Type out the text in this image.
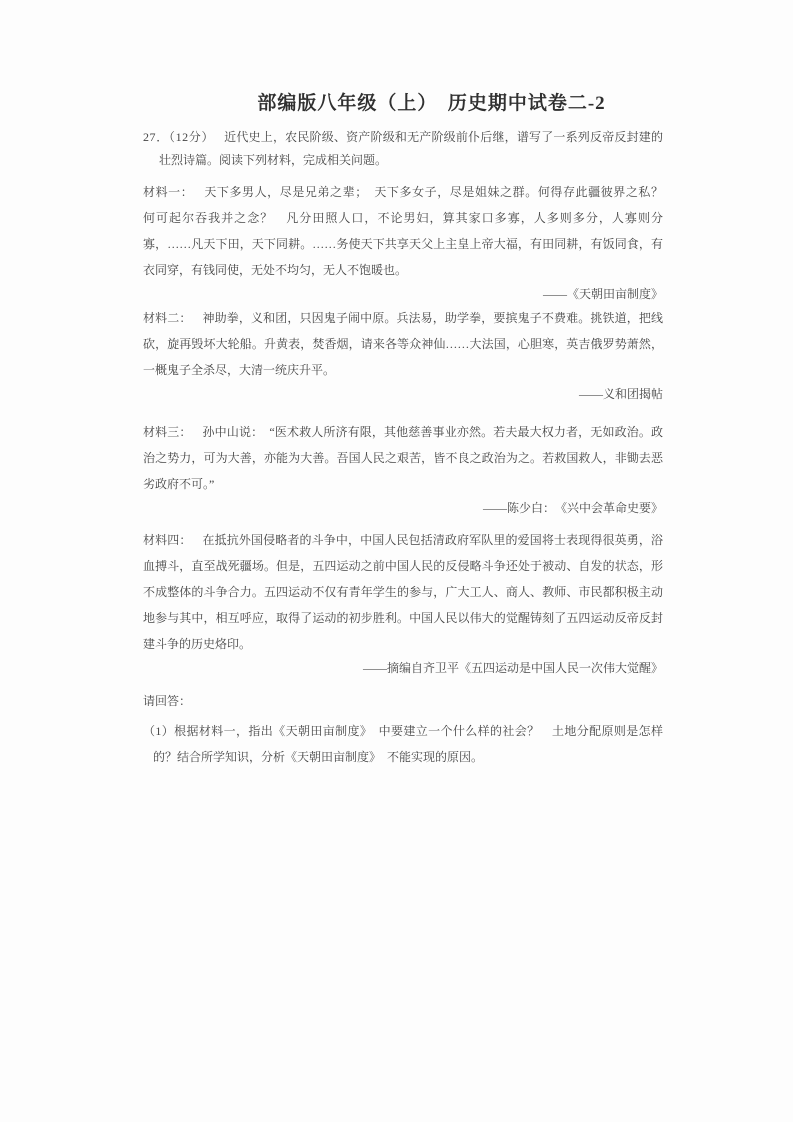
部编版八年级（上）　历史期中试卷二-2

27．（12分） 近代史上，农民阶级、资产阶级和无产阶级前仆后继，谱写了一系列反帝反封建的壮烈诗篇。阅读下列材料，完成相关问题。

材料一： 天下多男人，尽是兄弟之辈；　天下多女子，尽是姐妹之群。何得存此疆彼界之私？　何可起尔吞我并之念？　凡分田照人口，不论男妇，算其家口多寡，人多则多分，人寡则分寡，……凡天下田，天下同耕。……务使天下共享天父上主皇上帝大福，有田同耕，有饭同食，有衣同穿，有钱同使，无处不均匀，无人不饱暖也。

——《天朝田亩制度》

材料二： 神助拳，义和团，只因鬼子闹中原。兵法易，助学拳，要摈鬼子不费难。挑铁道，把线砍，旋再毁坏大轮船。升黄表，焚香烟，请来各等众神仙……大法国，心胆寒，英吉俄罗势萧然，一概鬼子全杀尽，大清一统庆升平。

——义和团揭帖

材料三： 孙中山说：　“医术救人所济有限，其他慈善事业亦然。若夫最大权力者，无如政治。政治之势力，可为大善，亦能为大善。吾国人民之艰苦，皆不良之政治为之。若救国救人，非锄去恶劣政府不可。”

——陈少白：　《兴中会革命史要》

材料四： 在抵抗外国侵略者的斗争中，中国人民包括清政府军队里的爱国将士表现得很英勇，浴血搏斗，直至战死疆场。但是，五四运动之前中国人民的反侵略斗争还处于被动、自发的状态，形不成整体的斗争合力。五四运动不仅有青年学生的参与，广大工人、商人、教师、市民都积极主动地参与其中，相互呼应，取得了运动的初步胜利。中国人民以伟大的觉醒铸刻了五四运动反帝反封建斗争的历史烙印。

——摘编自齐卫平《五四运动是中国人民一次伟大觉醒》

请回答：

（1）根据材料一，指出《天朝田亩制度》　中要建立一个什么样的社会？　土地分配原则是怎样的？结合所学知识，分析《天朝田亩制度》　不能实现的原因。
